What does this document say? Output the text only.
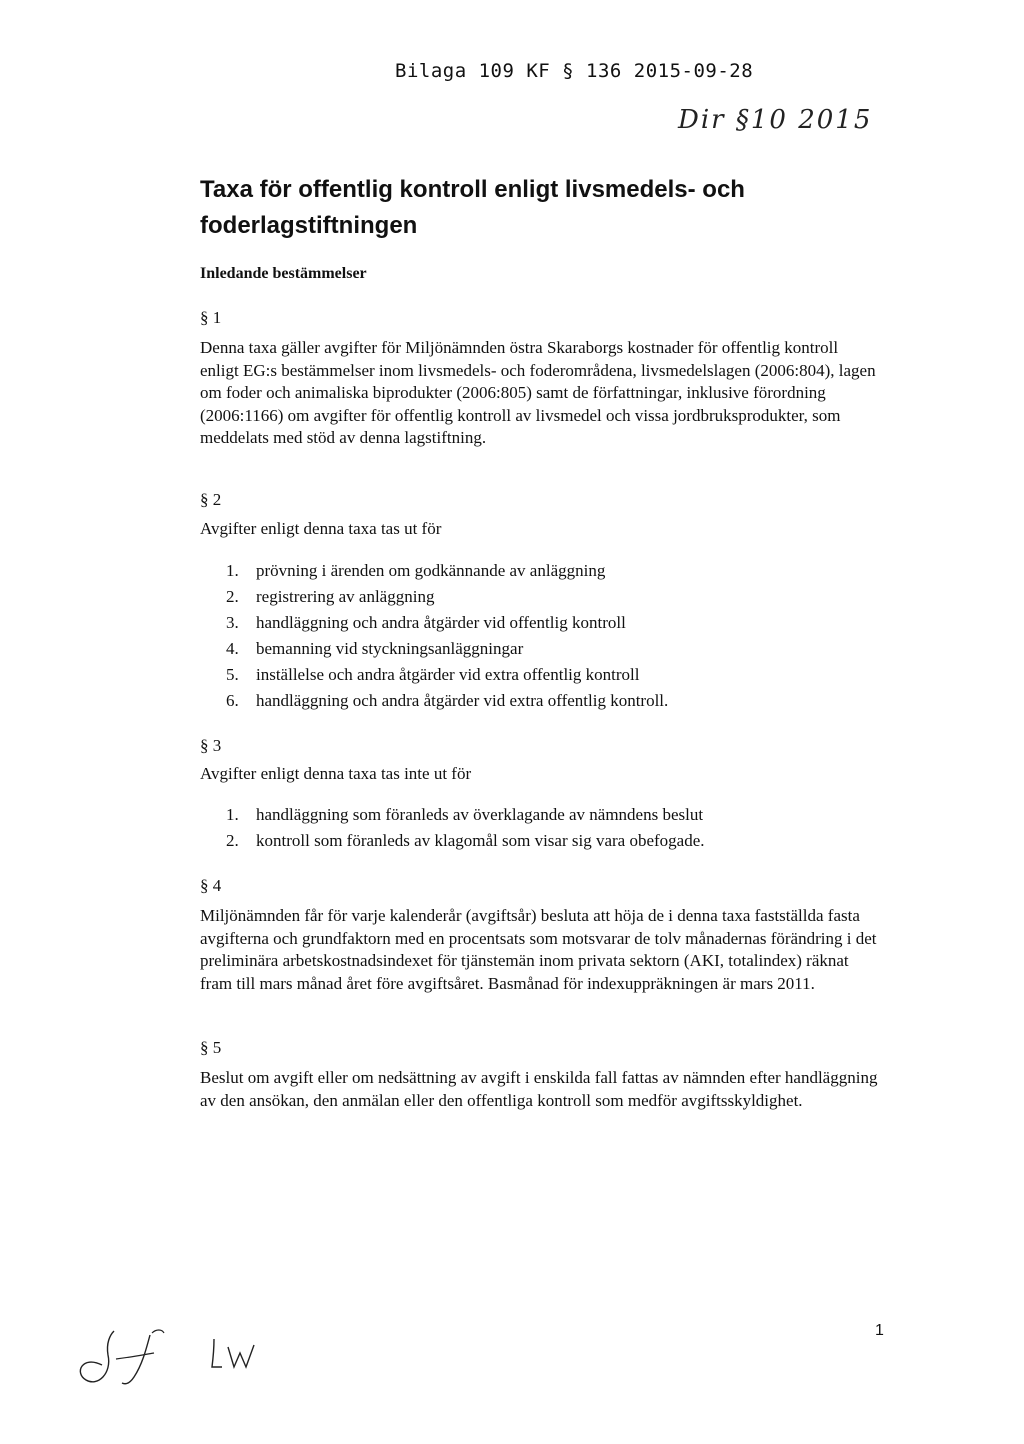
Bilaga 109 KF § 136 2015-09-28
Dir §10 2015
Taxa för offentlig kontroll enligt livsmedels- och foderlagstiftningen
Inledande bestämmelser
§ 1
Denna taxa gäller avgifter för Miljönämnden östra Skaraborgs kostnader för offentlig kontroll enligt EG:s bestämmelser inom livsmedels- och foderområdena, livsmedelslagen (2006:804), lagen om foder och animaliska biprodukter (2006:805) samt de författningar, inklusive förordning (2006:1166) om avgifter för offentlig kontroll av livsmedel och vissa jordbruksprodukter, som meddelats med stöd av denna lagstiftning.
§ 2
Avgifter enligt denna taxa tas ut för
1. prövning i ärenden om godkännande av anläggning
2. registrering av anläggning
3. handläggning och andra åtgärder vid offentlig kontroll
4. bemanning vid styckningsanläggningar
5. inställelse och andra åtgärder vid extra offentlig kontroll
6. handläggning och andra åtgärder vid extra offentlig kontroll.
§ 3
Avgifter enligt denna taxa tas inte ut för
1. handläggning som föranleds av överklagande av nämndens beslut
2. kontroll som föranleds av klagomål som visar sig vara obefogade.
§ 4
Miljönämnden får för varje kalenderår (avgiftsår) besluta att höja de i denna taxa fastställda fasta avgifterna och grundfaktorn med en procentsats som motsvarar de tolv månadernas förändring i det preliminära arbetskostnadsindexet för tjänstemän inom privata sektorn (AKI, totalindex) räknat fram till mars månad året före avgiftsåret. Basmånad för indexuppräkningen är mars 2011.
§ 5
Beslut om avgift eller om nedsättning av avgift i enskilda fall fattas av nämnden efter handläggning av den ansökan, den anmälan eller den offentliga kontroll som medför avgiftsskyldighet.
1
